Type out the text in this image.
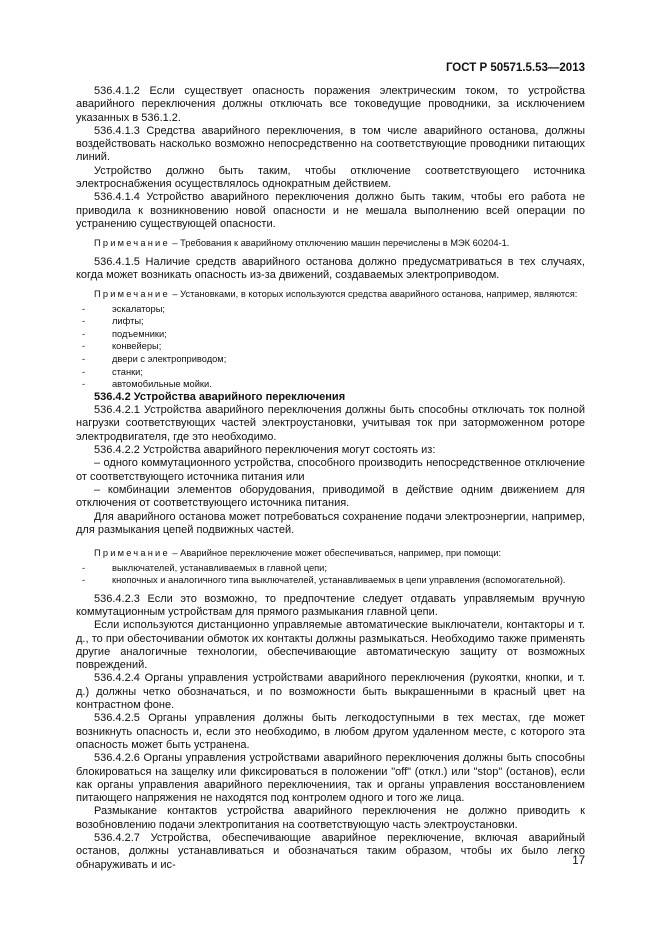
ГОСТ Р 50571.5.53—2013

536.4.1.2 Если существует опасность поражения электрическим током, то устройства аварийного переключения должны отключать все токоведущие проводники, за исключением указанных в 536.1.2.

536.4.1.3 Средства аварийного переключения, в том числе аварийного останова, должны воздействовать насколько возможно непосредственно на соответствующие проводники питающих линий.

Устройство должно быть таким, чтобы отключение соответствующего источника электроснабжения осуществлялось однократным действием.

536.4.1.4 Устройство аварийного переключения должно быть таким, чтобы его работа не приводила к возникновению новой опасности и не мешала выполнению всей операции по устранению существующей опасности.

Примечание – Требования к аварийному отключению машин перечислены в МЭК 60204-1.

536.4.1.5 Наличие средств аварийного останова должно предусматриваться в тех случаях, когда может возникать опасность из-за движений, создаваемых электроприводом.

Примечание – Установками, в которых используются средства аварийного останова, например, являются:
- эскалаторы;
- лифты;
- подъемники;
- конвейеры;
- двери с электроприводом;
- станки;
- автомобильные мойки.
536.4.2 Устройства аварийного переключения

536.4.2.1 Устройства аварийного переключения должны быть способны отключать ток полной нагрузки соответствующих частей электроустановки, учитывая ток при заторможенном роторе электродвигателя, где это необходимо.

536.4.2.2 Устройства аварийного переключения могут состоять из:

– одного коммутационного устройства, способного производить непосредственное отключение от соответствующего источника питания или

– комбинации элементов оборудования, приводимой в действие одним движением для отключения от соответствующего источника питания.

Для аварийного останова может потребоваться сохранение подачи электроэнергии, например, для размыкания цепей подвижных частей.

Примечание – Аварийное переключение может обеспечиваться, например, при помощи:
- выключателей, устанавливаемых в главной цепи;
- кнопочных и аналогичного типа выключателей, устанавливаемых в цепи управления (вспомогательной).

536.4.2.3 Если это возможно, то предпочтение следует отдавать управляемым вручную коммутационным устройствам для прямого размыкания главной цепи.

Если используются дистанционно управляемые автоматические выключатели, контакторы и т. д., то при обесточивании обмоток их контакты должны размыкаться. Необходимо также применять другие аналогичные технологии, обеспечивающие автоматическую защиту от возможных повреждений.

536.4.2.4 Органы управления устройствами аварийного переключения (рукоятки, кнопки, и т. д.) должны четко обозначаться, и по возможности быть выкрашенными в красный цвет на контрастном фоне.

536.4.2.5 Органы управления должны быть легкодоступными в тех местах, где может возникнуть опасность и, если это необходимо, в любом другом удаленном месте, с которого эта опасность может быть устранена.

536.4.2.6 Органы управления устройствами аварийного переключения должны быть способны блокироваться на защелку или фиксироваться в положении "off" (откл.) или "stop" (останов), если как органы управления аварийного переключениия, так и органы управления восстановлением питающего напряжения не находятся под контролем одного и того же лица.

Размыкание контактов устройства аварийного переключения не должно приводить к возобновлению подачи электропитания на соответствующую часть электроустановки.

536.4.2.7 Устройства, обеспечивающие аварийное переключение, включая аварийный останов, должны устанавливаться и обозначаться таким образом, чтобы их было легко обнаруживать и ис-	17
